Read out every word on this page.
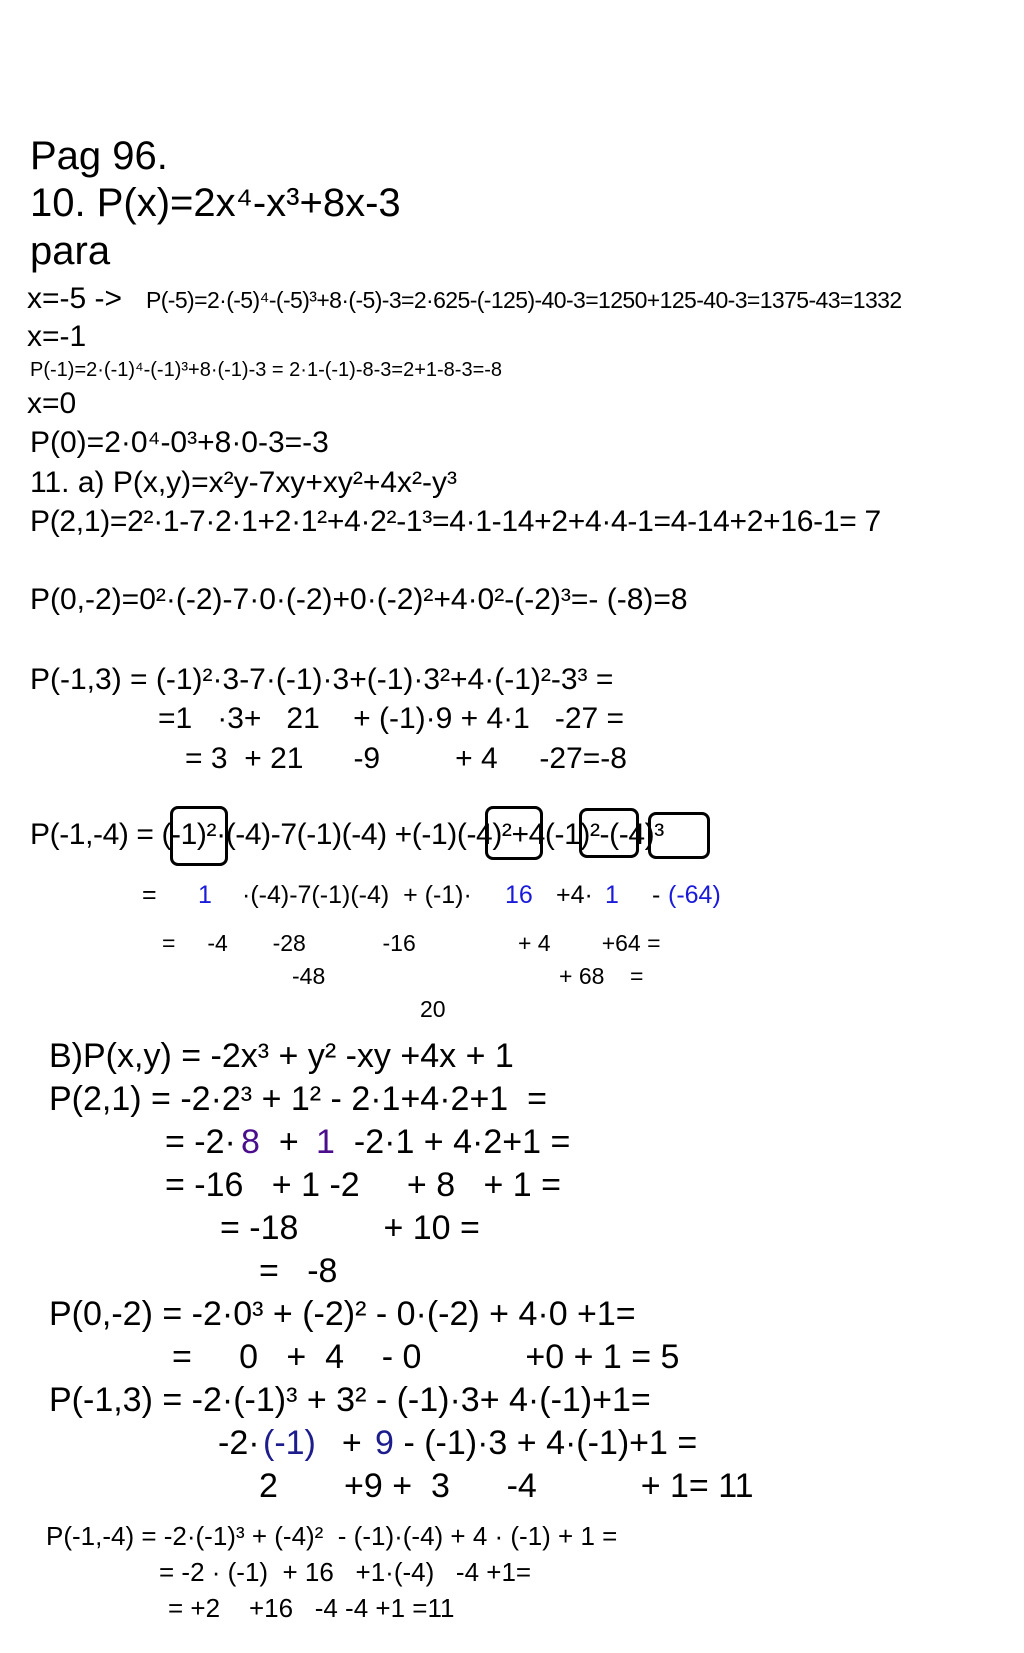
Pag 96.
10. P(x)=2x⁴-x³+8x-3
para
x=-5 -> P(-5)=2·(-5)⁴-(-5)³+8·(-5)-3=2·625-(-125)-40-3=1250+125-40-3=1375-43=1332
x=-1
P(-1)=2·(-1)⁴-(-1)³+8·(-1)-3 = 2·1-(-1)-8-3=2+1-8-3=-8
x=0
P(0)=2·0⁴-0³+8·0-3=-3
11. a) P(x,y)=x²y-7xy+xy²+4x²-y³
P(2,1)=2²·1-7·2·1+2·1²+4·2²-1³=4·1-14+2+4·4-1=4-14+2+16-1= 7
P(0,-2)=0²·(-2)-7·0·(-2)+0·(-2)²+4·0²-(-2)³=- (-8)=8
P(-1,3) = (-1)²·3-7·(-1)·3+(-1)·3²+4·(-1)²-3³ =
=1   ·3+   21    + (-1)·9 + 4·1   -27 =
= 3  + 21      -9         + 4     -27=-8
P(-1,-4) = (-1)²·(-4)-7(-1)(-4) +(-1)(-4)²+4(-1)²-(-4)³
= 1 ·(-4)-7(-1)(-4)  + (-1)· 16 +4· 1 - (-64)
=     -4       -28            -16                + 4        +64 =
-48	+ 68    =
20
B)P(x,y) = -2x³ + y² -xy +4x + 1
P(2,1) = -2·2³ + 1² - 2·1+4·2+1  =
= -2· 8 + 1 -2·1 + 4·2+1 =
= -16   + 1 -2     + 8   + 1 =
= -18         + 10 =
=   -8
P(0,-2) = -2·0³ + (-2)² - 0·(-2) + 4·0 +1=
=     0   +  4    - 0           +0 + 1 = 5
P(-1,3) = -2·(-1)³ + 3² - (-1)·3+ 4·(-1)+1=
-2· (-1) + 9 - (-1)·3 + 4·(-1)+1 =
2       +9 +  3      -4           + 1= 11
P(-1,-4) = -2·(-1)³ + (-4)²  - (-1)·(-4) + 4 · (-1) + 1 =
= -2 · (-1)  + 16   +1·(-4)   -4 +1=
= +2    +16   -4 -4 +1 =11
